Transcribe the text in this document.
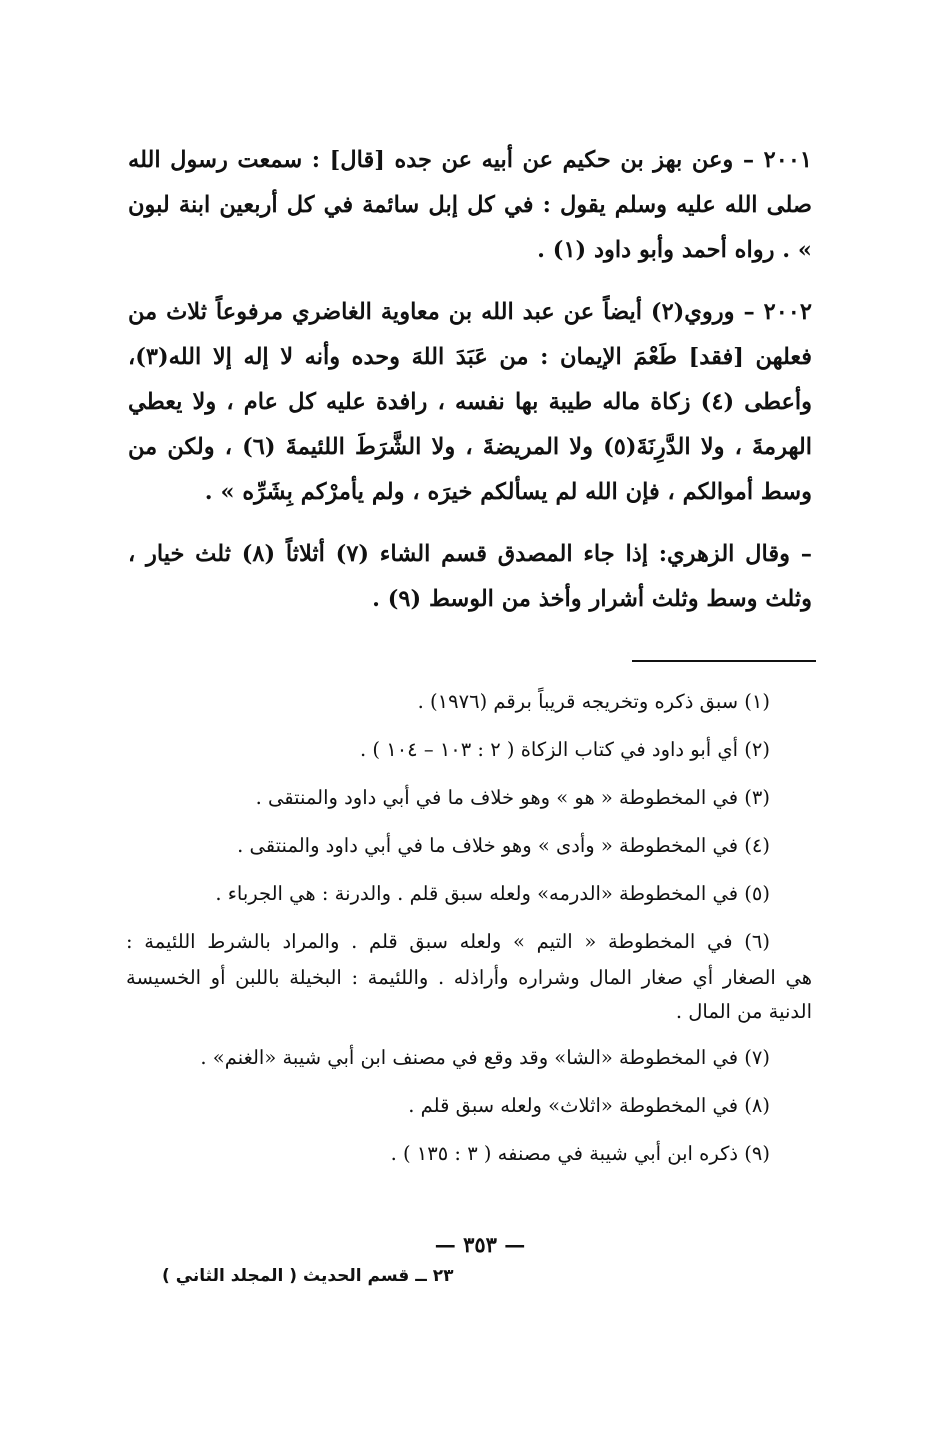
٢٠٠١ – وعن بهز بن حكيم عن أبيه عن جده [قال] : سمعت رسول الله صلى الله عليه وسلم يقول : في كل إبل سائمة في كل أربعين ابنة لبون » . رواه أحمد وأبو داود (١) .

٢٠٠٢ – وروي(٢) أيضاً عن عبد الله بن معاوية الغاضري مرفوعاً ثلاث من فعلهن [فقد] طَعْمَ الإيمان : من عَبَدَ اللهَ وحده وأنه لا إله إلا الله(٣)، وأعطى (٤) زكاة ماله طيبة بها نفسه ، رافدة عليه كل عام ، ولا يعطي الهرمةَ ، ولا الدَّرِنَةَ(٥) ولا المريضةَ ، ولا الشَّرَطَ اللئيمةَ (٦) ، ولكن من وسط أموالكم ، فإن الله لم يسألكم خيرَه ، ولم يأمرْكم بِشَرِّه » .

– وقال الزهري: إذا جاء المصدق قسم الشاء (٧) أثلاثاً (٨) ثلث خيار ، وثلث وسط وثلث أشرار وأخذ من الوسط (٩) .

(١) سبق ذكره وتخريجه قريباً برقم (١٩٧٦) .
(٢) أي أبو داود في كتاب الزكاة ( ٢ : ١٠٣ – ١٠٤ ) .
(٣) في المخطوطة « هو » وهو خلاف ما في أبي داود والمنتقى .
(٤) في المخطوطة « وأدى » وهو خلاف ما في أبي داود والمنتقى .
(٥) في المخطوطة «الدرمه» ولعله سبق قلم . والدرنة : هي الجرباء .
(٦) في المخطوطة « التيم » ولعله سبق قلم . والمراد بالشرط اللئيمة :
هي الصغار أي صغار المال وشراره وأراذله . واللئيمة : البخيلة باللبن أو الخسيسة الدنية من المال .
(٧) في المخطوطة «الشا» وقد وقع في مصنف ابن أبي شيبة «الغنم» .
(٨) في المخطوطة «اثلاث» ولعله سبق قلم .
(٩) ذكره ابن أبي شيبة في مصنفه ( ٣ : ١٣٥ ) .
— ٣٥٣ —
٢٣ ــ قسم الحديث ( المجلد الثاني )
